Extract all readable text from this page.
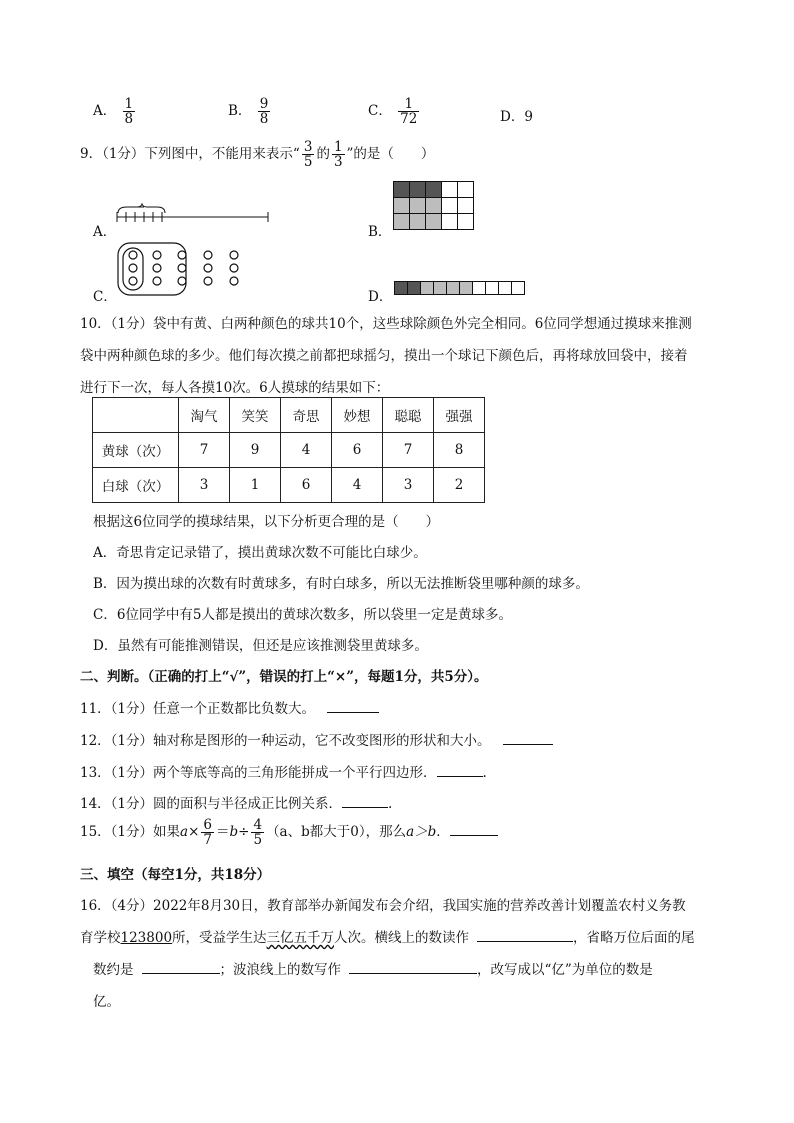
A． $\frac{1}{8}$	B． $\frac{9}{8}$	C． $\frac{1}{72}$	D．9
9．（1分）下列图中，不能用来表示“ $\frac{3}{5}$ 的 $\frac{1}{3}$ ”的是（　　）
A．	B．
C．	D．
10．（1分）袋中有黄、白两种颜色的球共10个，这些球除颜色外完全相同。6位同学想通过摸球来推测
袋中两种颜色球的多少。他们每次摸之前都把球摇匀，摸出一个球记下颜色后，再将球放回袋中，接着
进行下一次，每人各摸10次。6人摸球的结果如下：
	淘气	笑笑	奇思	妙想	聪聪	强强
黄球（次）	7	9	4	6	7	8
白球（次）	3	1	6	4	3	2
根据这6位同学的摸球结果，以下分析更合理的是（　　）
A．奇思肯定记录错了，摸出黄球次数不可能比白球少。
B．因为摸出球的次数有时黄球多，有时白球多，所以无法推断袋里哪种颜的球多。
C．6位同学中有5人都是摸出的黄球次数多，所以袋里一定是黄球多。
D．虽然有可能推测错误，但还是应该推测袋里黄球多。
二、判断。（正确的打上“√”，错误的打上“×”，每题1分，共5分）。
11．（1分）任意一个正数都比负数大。
12．（1分）轴对称是图形的一种运动，它不改变图形的形状和大小。
13．（1分）两个等底等高的三角形能拼成一个平行四边形．	.
14．（1分）圆的面积与半径成正比例关系．	.
15．（1分）如果$a\times \frac{6}{7} =b\div \frac{4}{5} (a$、b都大于0），那么a＞b．
三、填空（每空1分，共18分）
16．（4分）2022年8月30日，教育部举办新闻发布会介绍，我国实施的营养改善计划覆盖农村义务教
育学校123800所，受益学生达三亿五千万人次。横线上的数读作	，省略万位后面的尾
数约是	；波浪线上的数写作	，改写成以“亿”为单位的数是
亿。
